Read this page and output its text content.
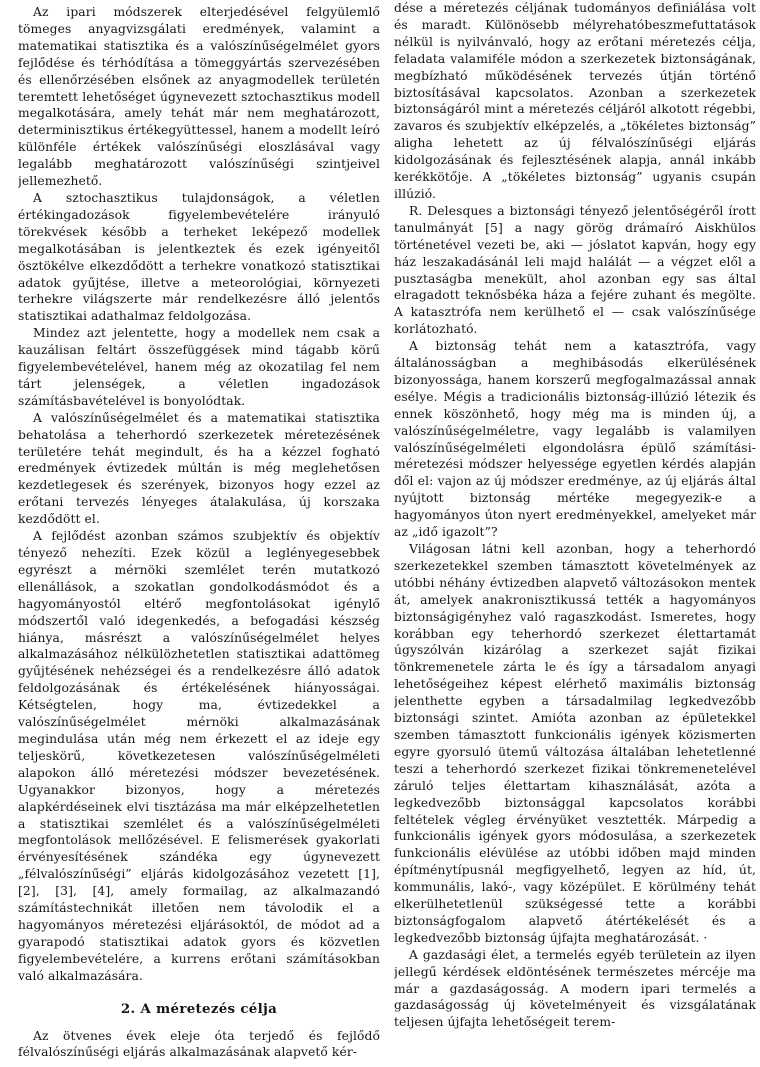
Az ipari módszerek elterjedésével felgyülemlő tömeges anyagvizsgálati eredmények, valamint a matematikai statisztika és a valószínűségelmélet gyors fejlődése és térhódítása a tömeggyártás szervezésében és ellenőrzésében elsőnek az anyagmodellek területén teremtett lehetőséget úgynevezett sztochasztikus modell megalkotására, amely tehát már nem meghatározott, determinisztikus értékegyüttessel, hanem a modellt leíró különféle értékek valószínűségi eloszlásával vagy legalább meghatározott valószínűségi szintjeivel jellemezhető.

A sztochasztikus tulajdonságok, a véletlen értékingadozások figyelembevételére irányuló törekvések később a terheket leképező modellek megalkotásában is jelentkeztek és ezek igényeitől ösztökélve elkezdődött a terhekre vonatkozó statisztikai adatok gyűjtése, illetve a meteorológiai, környezeti terhekre világszerte már rendelkezésre álló jelentős statisztikai adathalmaz feldolgozása.

Mindez azt jelentette, hogy a modellek nem csak a kauzálisan feltárt összefüggések mind tágabb körű figyelembevételével, hanem még az okozatilag fel nem tárt jelenségek, a véletlen ingadozások számításbavételével is bonyolódtak.

A valószínűségelmélet és a matematikai statisztika behatolása a teherhordó szerkezetek méretezésének területére tehát megindult, és ha a kézzel fogható eredmények évtizedek múltán is még meglehetősen kezdetlegesek és szerények, bizonyos hogy ezzel az erőtani tervezés lényeges átalakulása, új korszaka kezdődött el.

A fejlődést azonban számos szubjektív és objektív tényező nehezíti. Ezek közül a leglényegesebbek egyrészt a mérnöki szemlélet terén mutatkozó ellenállások, a szokatlan gondolkodásmódot és a hagyományostól eltérő megfontolásokat igénylő módszertől való idegenkedés, a befogadási készség hiánya, másrészt a valószínűségelmélet helyes alkalmazásához nélkülözhetetlen statisztikai adattömeg gyűjtésének nehézségei és a rendelkezésre álló adatok feldolgozásának és értékelésének hiányosságai. Kétségtelen, hogy ma, évtizedekkel a valószínűségelmélet mérnöki alkalmazásának megindulása után még nem érkezett el az ideje egy teljeskörű, következetesen valószínűségelméleti alapokon álló méretezési módszer bevezetésének. Ugyanakkor bizonyos, hogy a méretezés alapkérdéseinek elvi tisztázása ma már elképzelhetetlen a statisztikai szemlélet és a valószínűségelméleti megfontolások mellőzésével. E felismerések gyakorlati érvényesítésének szándéka egy úgynevezett „félvalószínűségi” eljárás kidolgozásához vezetett [1], [2], [3], [4], amely formailag, az alkalmazandó számítástechnikát illetően nem távolodik el a hagyományos méretezési eljárásoktól, de módot ad a gyarapodó statisztikai adatok gyors és közvetlen figyelembevételére, a kurrens erőtani számításokban való alkalmazására.

2. A méretezés célja

Az ötvenes évek eleje óta terjedő és fejlődő félvalószínűségi eljárás alkalmazásának alapvető kér-

dése a méretezés céljának tudományos definiálása volt és maradt. Különösebb mélyrehatóbeszmefuttatások nélkül is nyilvánvaló, hogy az erőtani méretezés célja, feladata valamiféle módon a szerkezetek biztonságának, megbízható működésének tervezés útján történő biztosításával kapcsolatos. Azonban a szerkezetek biztonságáról mint a méretezés céljáról alkotott régebbi, zavaros és szubjektív elképzelés, a „tökéletes biztonság” aligha lehetett az új félvalószínűségi eljárás kidolgozásának és fejlesztésének alapja, annál inkább kerékkötője. A „tökéletes biztonság” ugyanis csupán illúzió.

R. Delesques a biztonsági tényező jelentőségéről írott tanulmányát [5] a nagy görög drámaíró Aiskhülos történetével vezeti be, aki — jóslatot kapván, hogy egy ház leszakadásánál leli majd halálát — a végzet elől a pusztaságba menekült, ahol azonban egy sas által elragadott teknősbéka háza a fejére zuhant és megölte. A katasztrófa nem kerülhető el — csak valószínűsége korlátozható.

A biztonság tehát nem a katasztrófa, vagy általánosságban a meghibásodás elkerülésének bizonyossága, hanem korszerű megfogalmazással annak esélye. Mégis a tradicionális biztonság-illúzió létezik és ennek köszönhető, hogy még ma is minden új, a valószínűségelméletre, vagy legalább is valamilyen valószínűségelméleti elgondolásra épülő számítási-méretezési módszer helyessége egyetlen kérdés alapján dől el: vajon az új módszer eredménye, az új eljárás által nyújtott biztonság mértéke megegyezik-e a hagyományos úton nyert eredményekkel, amelyeket már az „idő igazolt”?

Világosan látni kell azonban, hogy a teherhordó szerkezetekkel szemben támasztott követelmények az utóbbi néhány évtizedben alapvető változásokon mentek át, amelyek anakronisztikussá tették a hagyományos biztonságigényhez való ragaszkodást. Ismeretes, hogy korábban egy teherhordó szerkezet élettartamát úgyszólván kizárólag a szerkezet saját fizikai tönkremenetele zárta le és így a társadalom anyagi lehetőségeihez képest elérhető maximális biztonság jelenthette egyben a társadalmilag legkedvezőbb biztonsági szintet. Amióta azonban az épületekkel szemben támasztott funkcionális igények közismerten egyre gyorsuló ütemű változása általában lehetetlenné teszi a teherhordó szerkezet fizikai tönkremenetelével záruló teljes élettartam kihasználását, azóta a legkedvezőbb biztonsággal kapcsolatos korábbi feltételek végleg érvényüket vesztették. Márpedig a funkcionális igények gyors módosulása, a szerkezetek funkcionális elévülése az utóbbi időben majd minden építménytípusnál megfigyelhető, legyen az híd, út, kommunális, lakó-, vagy középület. E körülmény tehát elkerülhetetlenül szükségessé tette a korábbi biztonságfogalom alapvető átértékelését és a legkedvezőbb biztonság újfajta meghatározását. ·

A gazdasági élet, a termelés egyéb területein az ilyen jellegű kérdések eldöntésének természetes mércéje ma már a gazdaságosság. A modern ipari termelés a gazdaságosság új követelményeit és vizsgálatának teljesen újfajta lehetőségeit terem-
